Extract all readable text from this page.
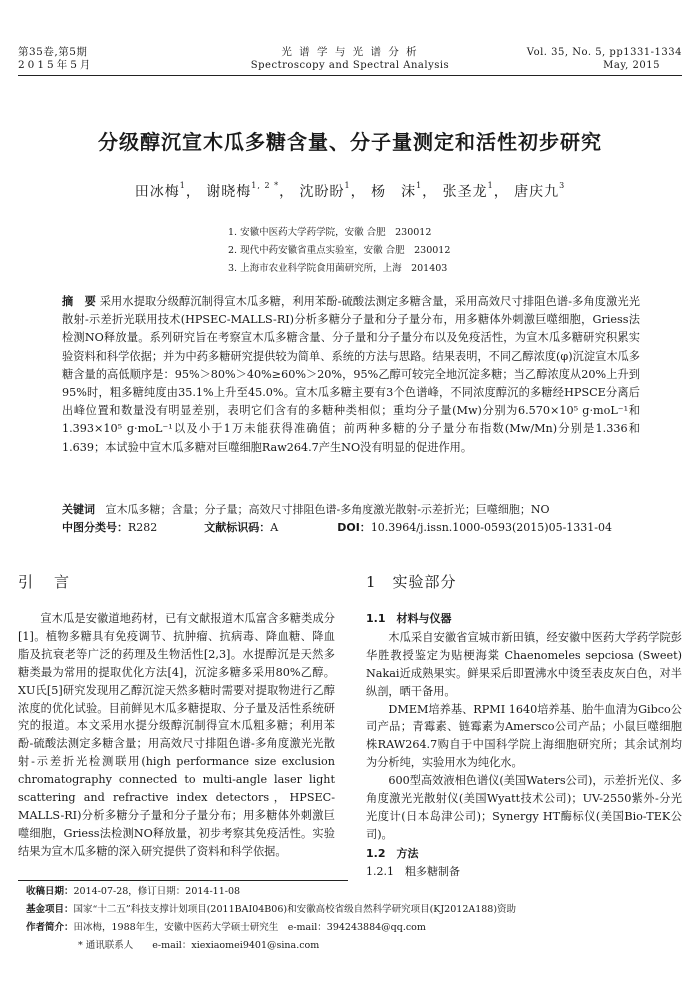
第35卷,第5期
2015年5月
光 谱 学 与 光 谱 分 析
Spectroscopy and Spectral Analysis
Vol. 35, No. 5, pp1331-1334
May, 2015
分级醇沉宣木瓜多糖含量、分子量测定和活性初步研究
田冰梅$^1$， 谢晓梅$^{1, 2 *}$， 沈盼盼$^1$， 杨　沫$^1$， 张圣龙$^1$， 唐庆九$^3$
1. 安徽中医药大学药学院，安徽 合肥　230012
2. 现代中药安徽省重点实验室，安徽 合肥　230012
3. 上海市农业科学院食用菌研究所，上海　201403
摘　要 采用水提取分级醇沉制得宣木瓜多糖，利用苯酚-硫酸法测定多糖含量，采用高效尺寸排阻色谱-多角度激光光散射-示差折光联用技术(HPSEC-MALLS-RI)分析多糖分子量和分子量分布，用多糖体外刺激巨噬细胞，Griess法检测NO释放量。系列研究旨在考察宣木瓜多糖含量、分子量和分子量分布以及免疫活性，为宣木瓜多糖研究积累实验资料和科学依据；并为中药多糖研究提供较为简单、系统的方法与思路。结果表明，不同乙醇浓度(φ)沉淀宣木瓜多糖含量的高低顺序是：95%＞80%＞40%≥60%＞20%，95%乙醇可较完全地沉淀多糖；当乙醇浓度从20%上升到95%时，粗多糖纯度由35.1%上升至45.0%。宣木瓜多糖主要有3个色谱峰，不同浓度醇沉的多糖经HPSCE分离后出峰位置和数量没有明显差别，表明它们含有的多糖种类相似；重均分子量(Mw)分别为6.570×10⁵ g·moL⁻¹和1.393×10⁵ g·moL⁻¹以及小于1万未能获得准确值；前两种多糖的分子量分布指数(Mw/Mn)分别是1.336和1.639；本试验中宣木瓜多糖对巨噬细胞Raw264.7产生NO没有明显的促进作用。
关键词 宣木瓜多糖；含量；分子量；高效尺寸排阻色谱-多角度激光散射-示差折光；巨噬细胞；NO
中图分类号：R282	文献标识码：A	DOI：10.3964/j.issn.1000-0593(2015)05-1331-04
引　言

宣木瓜是安徽道地药材，已有文献报道木瓜富含多糖类成分[1]。植物多糖具有免疫调节、抗肿瘤、抗病毒、降血糖、降血脂及抗衰老等广泛的药理及生物活性[2,3]。水提醇沉是天然多糖类最为常用的提取优化方法[4]，沉淀多糖多采用80%乙醇。XU氏[5]研究发现用乙醇沉淀天然多糖时需要对提取物进行乙醇浓度的优化试验。目前鲜见木瓜多糖提取、分子量及活性系统研究的报道。本文采用水提分级醇沉制得宣木瓜粗多糖；利用苯酚-硫酸法测定多糖含量；用高效尺寸排阻色谱-多角度激光光散射-示差折光检测联用(high performance size exclusion chromatography connected to multi-angle laser light scattering and refractive index detectors，HPSEC-MALLS-RI)分析多糖分子量和分子量分布；用多糖体外刺激巨噬细胞，Griess法检测NO释放量，初步考察其免疫活性。实验结果为宣木瓜多糖的深入研究提供了资料和科学依据。

1　实验部分
1.1　材料与仪器

木瓜采自安徽省宣城市新田镇，经安徽中医药大学药学院彭华胜教授鉴定为贴梗海棠 Chaenomeles sepciosa (Sweet) Nakai近成熟果实。鲜果采后即置沸水中烫至表皮灰白色，对半纵剖，晒干备用。

DMEM培养基、RPMI 1640培养基、胎牛血清为Gibco公司产品；青霉素、链霉素为Amersco公司产品；小鼠巨噬细胞株RAW264.7购自于中国科学院上海细胞研究所；其余试剂均为分析纯，实验用水为纯化水。

600型高效液相色谱仪(美国Waters公司)，示差折光仪、多角度激光光散射仪(美国Wyatt技术公司)；UV-2550紫外-分光光度计(日本岛津公司)；Synergy HT酶标仪(美国Bio-TEK公司)。

1.2　方法
1.2.1　粗多糖制备
收稿日期：2014-07-28，修订日期：2014-11-08
基金项目：国家“十二五”科技支撑计划项目(2011BAI04B06)和安徽高校省级自然科学研究项目(KJ2012A188)资助
作者简介：田冰梅，1988年生，安徽中医药大学硕士研究生　e-mail：394243884@qq.com
* 通讯联系人　　e-mail：xiexiaomei9401@sina.com
